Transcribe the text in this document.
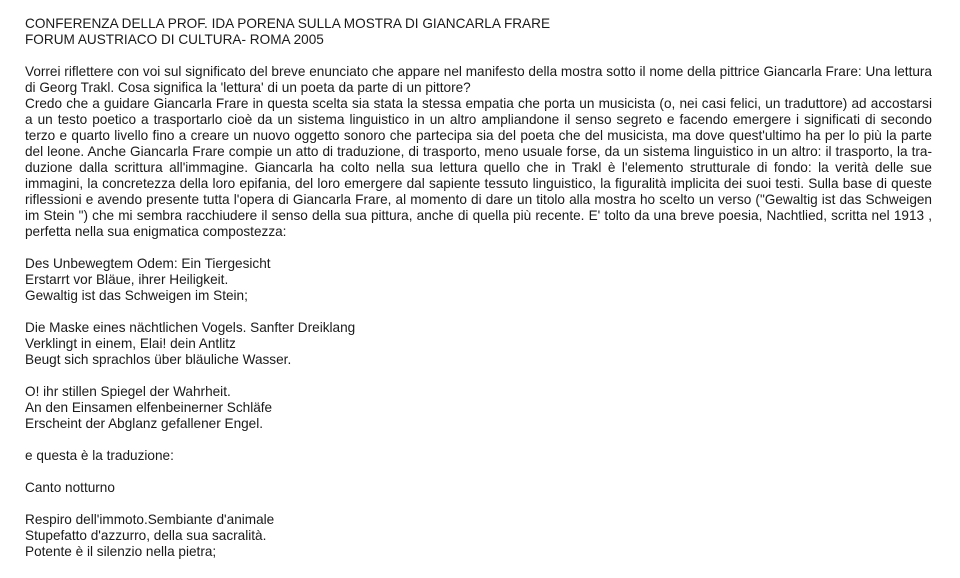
CONFERENZA DELLA PROF. IDA PORENA SULLA MOSTRA DI GIANCARLA FRARE
FORUM AUSTRIACO DI CULTURA- ROMA 2005
Vorrei riflettere con voi sul significato del breve enunciato che appare nel manifesto della mostra sotto il nome della pittrice Giancarla Frare: Una lettura di Georg Trakl. Cosa significa la 'lettura' di un poeta da parte di un pittore?
Credo che a guidare Giancarla Frare in questa scelta sia stata la stessa empatia che porta un musicista (o, nei casi felici, un traduttore) ad accostarsi a un testo poetico a trasportarlo cioè da un sistema linguistico in un altro ampliandone il senso segreto e facendo emergere i significati di secondo terzo e quarto livello fino a creare un nuovo oggetto sonoro che partecipa sia del poeta che del musicista, ma dove quest'ultimo ha per lo più la parte del leone. Anche Giancarla Frare compie un atto di traduzione, di trasporto, meno usuale forse, da un sistema linguistico in un altro: il trasporto, la tra-duzione dalla scrittura all'immagine. Giancarla ha colto nella sua lettura quello che in Trakl è l'elemento strutturale di fondo: la verità delle sue immagini, la concretezza della loro epifania, del loro emergere dal sapiente tessuto linguistico, la figuralità implicita dei suoi testi. Sulla base di queste riflessioni e avendo presente tutta l'opera di Giancarla Frare, al momento di dare un titolo alla mostra ho scelto un verso ("Gewaltig ist das Schweigen im Stein ") che mi sembra racchiudere il senso della sua pittura, anche di quella più recente. E' tolto da una breve poesia, Nachtlied, scritta nel 1913 , perfetta nella sua enigmatica compostezza:
Des Unbewegtem Odem: Ein Tiergesicht
Erstarrt vor Bläue, ihrer Heiligkeit.
Gewaltig ist das Schweigen im Stein;
Die Maske eines nächtlichen Vogels. Sanfter Dreiklang
Verklingt in einem, Elai! dein Antlitz
Beugt sich sprachlos über bläuliche Wasser.
O! ihr stillen Spiegel der Wahrheit.
An den Einsamen elfenbeinerner Schläfe
Erscheint der Abglanz gefallener Engel.
e questa è la traduzione:
Canto notturno
Respiro dell'immoto.Sembiante d'animale
Stupefatto d'azzurro, della sua sacralità.
Potente è il silenzio nella pietra;
